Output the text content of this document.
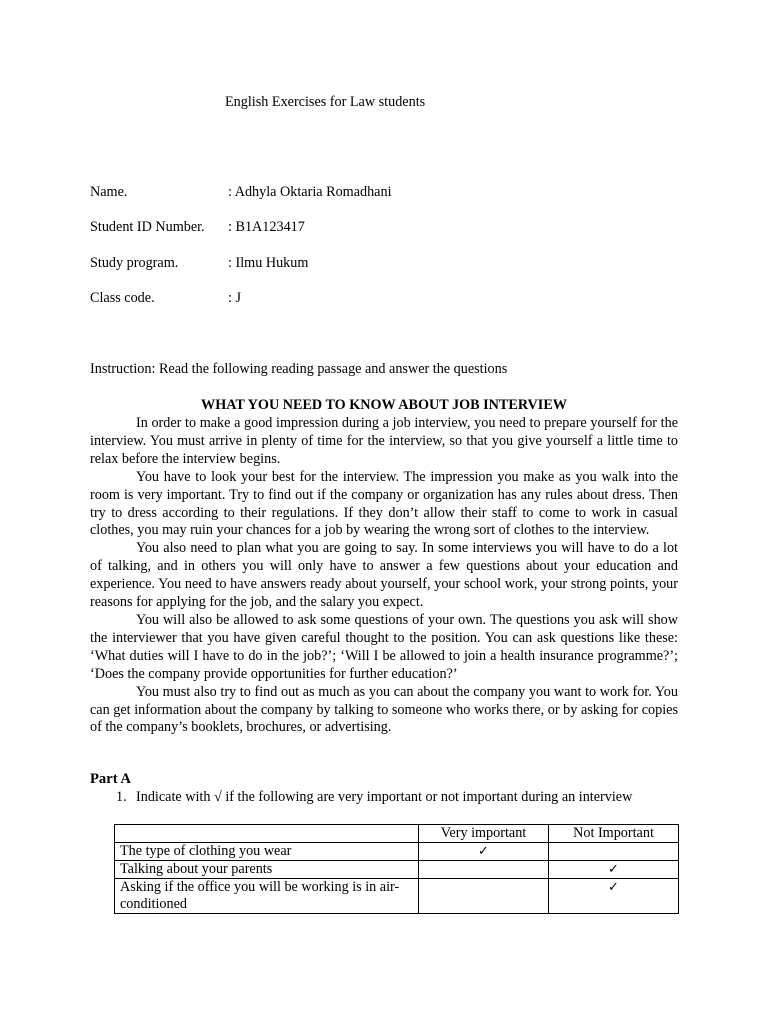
English Exercises for Law students
Name.	: Adhyla Oktaria Romadhani
Student ID Number. : B1A123417
Study program.	: Ilmu Hukum
Class code.	: J
Instruction: Read the following reading passage and answer the questions
WHAT YOU NEED TO KNOW ABOUT JOB INTERVIEW

In order to make a good impression during a job interview, you need to prepare yourself for the interview. You must arrive in plenty of time for the interview, so that you give yourself a little time to relax before the interview begins.

You have to look your best for the interview. The impression you make as you walk into the room is very important. Try to find out if the company or organization has any rules about dress. Then try to dress according to their regulations. If they don’t allow their staff to come to work in casual clothes, you may ruin your chances for a job by wearing the wrong sort of clothes to the interview.

You also need to plan what you are going to say. In some interviews you will have to do a lot of talking, and in others you will only have to answer a few questions about your education and experience. You need to have answers ready about yourself, your school work, your strong points, your reasons for applying for the job, and the salary you expect.

You will also be allowed to ask some questions of your own. The questions you ask will show the interviewer that you have given careful thought to the position. You can ask questions like these: ‘What duties will I have to do in the job?’; ‘Will I be allowed to join a health insurance programme?’; ‘Does the company provide opportunities for further education?’

You must also try to find out as much as you can about the company you want to work for. You can get information about the company by talking to someone who works there, or by asking for copies of the company’s booklets, brochures, or advertising.

Part A
1. Indicate with √ if the following are very important or not important during an interview
	Very important	Not Important
The type of clothing you wear	✓	
Talking about your parents		✓
Asking if the office you will be working is in air-conditioned		✓
